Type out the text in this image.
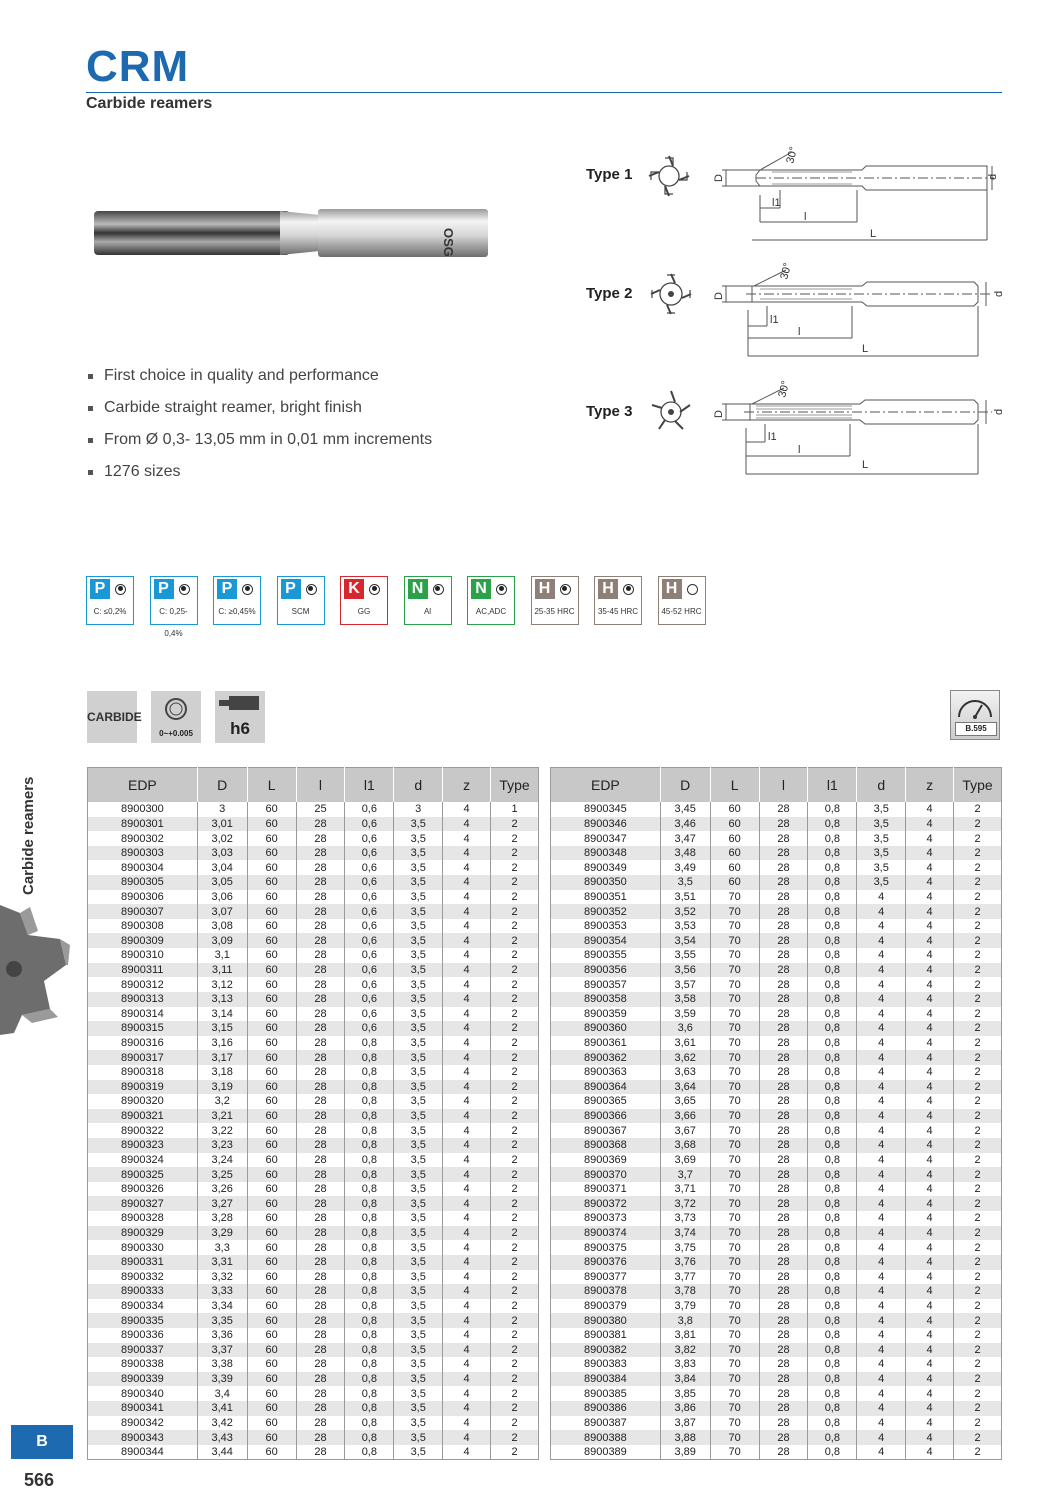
CRM
Carbide reamers
OSG
Type 1
Type 2
Type 3
30°
D	d
l1
l
L
30°
D	d
l1
l
L
30°
D	d
l1
l
L
First choice in quality and performance
Carbide straight reamer, bright finish
From Ø 0,3- 13,05 mm in 0,01 mm increments
1276 sizes
P
C: ≤0,2%
P
C: 0,25-0,4%
P
C: ≥0,45%
P
SCM
K
GG
N
Al
N
AC,ADC
H
25-35 HRC
H
35-45 HRC
H
45-52 HRC
CARBIDE
0~+0.005 h6	B.595
EDP	D	L	l	l1	d	z	Type
8900300	3	60	25	0,6	3	4	1
8900301	3,01	60	28	0,6	3,5	4	2
8900302	3,02	60	28	0,6	3,5	4	2
8900303	3,03	60	28	0,6	3,5	4	2
8900304	3,04	60	28	0,6	3,5	4	2
8900305	3,05	60	28	0,6	3,5	4	2
8900306	3,06	60	28	0,6	3,5	4	2
8900307	3,07	60	28	0,6	3,5	4	2
8900308	3,08	60	28	0,6	3,5	4	2
8900309	3,09	60	28	0,6	3,5	4	2
8900310	3,1	60	28	0,6	3,5	4	2
8900311	3,11	60	28	0,6	3,5	4	2
8900312	3,12	60	28	0,6	3,5	4	2
8900313	3,13	60	28	0,6	3,5	4	2
8900314	3,14	60	28	0,6	3,5	4	2
8900315	3,15	60	28	0,6	3,5	4	2
8900316	3,16	60	28	0,8	3,5	4	2
8900317	3,17	60	28	0,8	3,5	4	2
8900318	3,18	60	28	0,8	3,5	4	2
8900319	3,19	60	28	0,8	3,5	4	2
8900320	3,2	60	28	0,8	3,5	4	2
8900321	3,21	60	28	0,8	3,5	4	2
8900322	3,22	60	28	0,8	3,5	4	2
8900323	3,23	60	28	0,8	3,5	4	2
8900324	3,24	60	28	0,8	3,5	4	2
8900325	3,25	60	28	0,8	3,5	4	2
8900326	3,26	60	28	0,8	3,5	4	2
8900327	3,27	60	28	0,8	3,5	4	2
8900328	3,28	60	28	0,8	3,5	4	2
8900329	3,29	60	28	0,8	3,5	4	2
8900330	3,3	60	28	0,8	3,5	4	2
8900331	3,31	60	28	0,8	3,5	4	2
8900332	3,32	60	28	0,8	3,5	4	2
8900333	3,33	60	28	0,8	3,5	4	2
8900334	3,34	60	28	0,8	3,5	4	2
8900335	3,35	60	28	0,8	3,5	4	2
8900336	3,36	60	28	0,8	3,5	4	2
8900337	3,37	60	28	0,8	3,5	4	2
8900338	3,38	60	28	0,8	3,5	4	2
8900339	3,39	60	28	0,8	3,5	4	2
8900340	3,4	60	28	0,8	3,5	4	2
8900341	3,41	60	28	0,8	3,5	4	2
8900342	3,42	60	28	0,8	3,5	4	2
8900343	3,43	60	28	0,8	3,5	4	2
8900344	3,44	60	28	0,8	3,5	4	2
EDP	D	L	l	l1	d	z	Type
8900345	3,45	60	28	0,8	3,5	4	2
8900346	3,46	60	28	0,8	3,5	4	2
8900347	3,47	60	28	0,8	3,5	4	2
8900348	3,48	60	28	0,8	3,5	4	2
8900349	3,49	60	28	0,8	3,5	4	2
8900350	3,5	60	28	0,8	3,5	4	2
8900351	3,51	70	28	0,8	4	4	2
8900352	3,52	70	28	0,8	4	4	2
8900353	3,53	70	28	0,8	4	4	2
8900354	3,54	70	28	0,8	4	4	2
8900355	3,55	70	28	0,8	4	4	2
8900356	3,56	70	28	0,8	4	4	2
8900357	3,57	70	28	0,8	4	4	2
8900358	3,58	70	28	0,8	4	4	2
8900359	3,59	70	28	0,8	4	4	2
8900360	3,6	70	28	0,8	4	4	2
8900361	3,61	70	28	0,8	4	4	2
8900362	3,62	70	28	0,8	4	4	2
8900363	3,63	70	28	0,8	4	4	2
8900364	3,64	70	28	0,8	4	4	2
8900365	3,65	70	28	0,8	4	4	2
8900366	3,66	70	28	0,8	4	4	2
8900367	3,67	70	28	0,8	4	4	2
8900368	3,68	70	28	0,8	4	4	2
8900369	3,69	70	28	0,8	4	4	2
8900370	3,7	70	28	0,8	4	4	2
8900371	3,71	70	28	0,8	4	4	2
8900372	3,72	70	28	0,8	4	4	2
8900373	3,73	70	28	0,8	4	4	2
8900374	3,74	70	28	0,8	4	4	2
8900375	3,75	70	28	0,8	4	4	2
8900376	3,76	70	28	0,8	4	4	2
8900377	3,77	70	28	0,8	4	4	2
8900378	3,78	70	28	0,8	4	4	2
8900379	3,79	70	28	0,8	4	4	2
8900380	3,8	70	28	0,8	4	4	2
8900381	3,81	70	28	0,8	4	4	2
8900382	3,82	70	28	0,8	4	4	2
8900383	3,83	70	28	0,8	4	4	2
8900384	3,84	70	28	0,8	4	4	2
8900385	3,85	70	28	0,8	4	4	2
8900386	3,86	70	28	0,8	4	4	2
8900387	3,87	70	28	0,8	4	4	2
8900388	3,88	70	28	0,8	4	4	2
8900389	3,89	70	28	0,8	4	4	2
Carbide reamers
B
566
